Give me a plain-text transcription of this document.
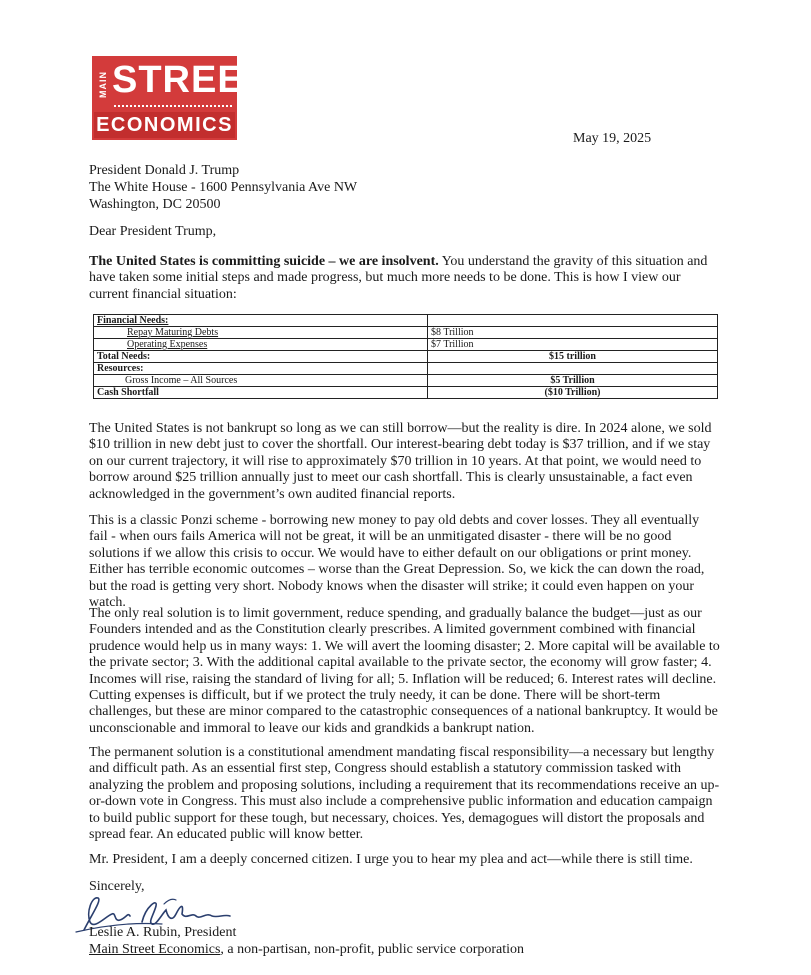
MAIN STREET
ECONOMICS
May 19, 2025
President Donald J. Trump
The White House - 1600 Pennsylvania Ave NW
Washington, DC 20500
Dear President Trump,
The United States is committing suicide – we are insolvent. You understand the gravity of this situation and have taken some initial steps and made progress, but much more needs to be done. This is how I view our current financial situation:
Financial Needs:	
Repay Maturing Debts	$8 Trillion
Operating Expenses	$7 Trillion
Total Needs:	$15 trillion
Resources:	
Gross Income – All Sources	$5 Trillion
Cash Shortfall	($10 Trillion)
The United States is not bankrupt so long as we can still borrow—but the reality is dire. In 2024 alone, we sold $10 trillion in new debt just to cover the shortfall. Our interest-bearing debt today is $37 trillion, and if we stay on our current trajectory, it will rise to approximately $70 trillion in 10 years. At that point, we would need to borrow around $25 trillion annually just to meet our cash shortfall. This is clearly unsustainable, a fact even acknowledged in the government’s own audited financial reports.
This is a classic Ponzi scheme - borrowing new money to pay old debts and cover losses. They all eventually fail - when ours fails America will not be great, it will be an unmitigated disaster - there will be no good solutions if we allow this crisis to occur. We would have to either default on our obligations or print money. Either has terrible economic outcomes – worse than the Great Depression. So, we kick the can down the road, but the road is getting very short. Nobody knows when the disaster will strike; it could even happen on your watch.
The only real solution is to limit government, reduce spending, and gradually balance the budget—just as our Founders intended and as the Constitution clearly prescribes. A limited government combined with financial prudence would help us in many ways: 1. We will avert the looming disaster; 2. More capital will be available to the private sector; 3. With the additional capital available to the private sector, the economy will grow faster; 4. Incomes will rise, raising the standard of living for all; 5. Inflation will be reduced; 6. Interest rates will decline. Cutting expenses is difficult, but if we protect the truly needy, it can be done. There will be short-term challenges, but these are minor compared to the catastrophic consequences of a national bankruptcy. It would be unconscionable and immoral to leave our kids and grandkids a bankrupt nation.
The permanent solution is a constitutional amendment mandating fiscal responsibility—a necessary but lengthy and difficult path. As an essential first step, Congress should establish a statutory commission tasked with analyzing the problem and proposing solutions, including a requirement that its recommendations receive an up-or-down vote in Congress. This must also include a comprehensive public information and education campaign to build public support for these tough, but necessary, choices. Yes, demagogues will distort the proposals and spread fear. An educated public will know better.
Mr. President, I am a deeply concerned citizen. I urge you to hear my plea and act—while there is still time.
Sincerely,
Leslie A. Rubin, President
Main Street Economics, a non-partisan, non-profit, public service corporation
